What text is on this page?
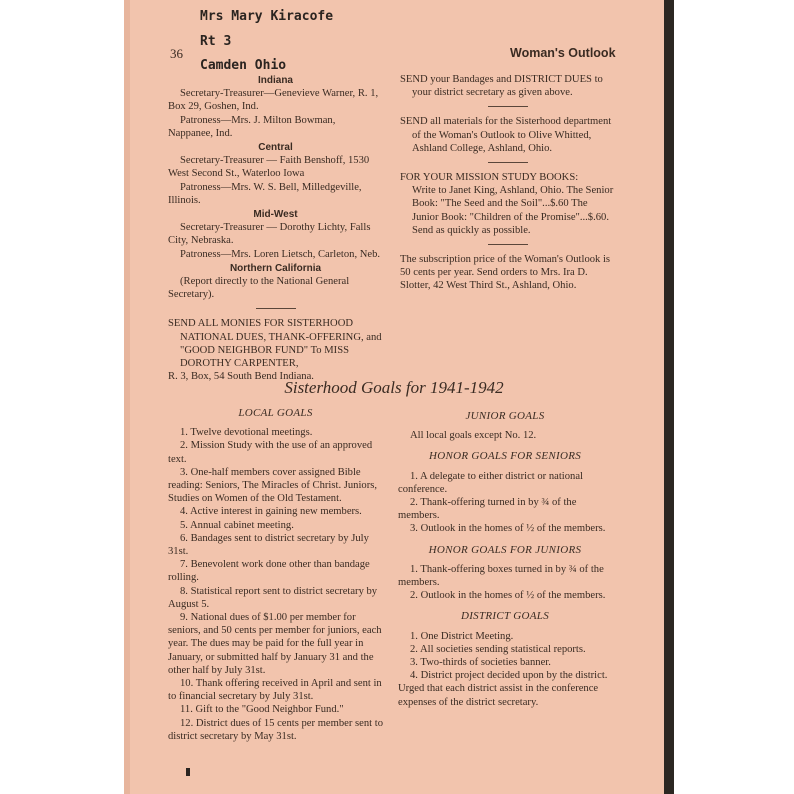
Mrs Mary Kiracofe
Rt 3
Camden Ohio
36	Woman's Outlook
Indiana

Secretary-Treasurer—Genevieve Warner, R. 1, Box 29, Goshen, Ind.

Patroness—Mrs. J. Milton Bowman, Nappanee, Ind.

Central

Secretary-Treasurer — Faith Benshoff, 1530 West Second St., Waterloo Iowa

Patroness—Mrs. W. S. Bell, Milledgeville, Illinois.

Mid-West

Secretary-Treasurer — Dorothy Lichty, Falls City, Nebraska.

Patroness—Mrs. Loren Lietsch, Carleton, Neb.

Northern California

(Report directly to the National General Secretary).

SEND ALL MONIES FOR SISTERHOOD NATIONAL DUES, THANK-OFFERING, and "GOOD NEIGHBOR FUND" To MISS DOROTHY CARPENTER,

R. 3, Box, 54 South Bend Indiana.

SEND your Bandages and DISTRICT DUES to your district secretary as given above.

SEND all materials for the Sisterhood department of the Woman's Outlook to Olive Whitted, Ashland College, Ashland, Ohio.

FOR YOUR MISSION STUDY BOOKS:

Write to Janet King, Ashland, Ohio. The Senior Book: "The Seed and the Soil"...$.60 The Junior Book: "Children of the Promise"...$.60. Send as quickly as possible.

The subscription price of the Woman's Outlook is 50 cents per year. Send orders to Mrs. Ira D. Slotter, 42 West Third St., Ashland, Ohio.

Sisterhood Goals for 1941-1942
LOCAL GOALS

1. Twelve devotional meetings.

2. Mission Study with the use of an approved text.

3. One-half members cover assigned Bible reading: Seniors, The Miracles of Christ. Juniors, Studies on Women of the Old Testament.

4. Active interest in gaining new members.

5. Annual cabinet meeting.

6. Bandages sent to district secretary by July 31st.

7. Benevolent work done other than bandage rolling.

8. Statistical report sent to district secretary by August 5.

9. National dues of $1.00 per member for seniors, and 50 cents per member for juniors, each year. The dues may be paid for the full year in January, or submitted half by January 31 and the other half by July 31st.

10. Thank offering received in April and sent in to financial secretary by July 31st.

11. Gift to the "Good Neighbor Fund."

12. District dues of 15 cents per member sent to district secretary by May 31st.

JUNIOR GOALS

All local goals except No. 12.

HONOR GOALS FOR SENIORS

1. A delegate to either district or national conference.

2. Thank-offering turned in by ¾ of the members.

3. Outlook in the homes of ½ of the members.

HONOR GOALS FOR JUNIORS

1. Thank-offering boxes turned in by ¾ of the members.

2. Outlook in the homes of ½ of the members.

DISTRICT GOALS

1. One District Meeting.

2. All societies sending statistical reports.

3. Two-thirds of societies banner.

4. District project decided upon by the district. Urged that each district assist in the conference expenses of the district secretary.
